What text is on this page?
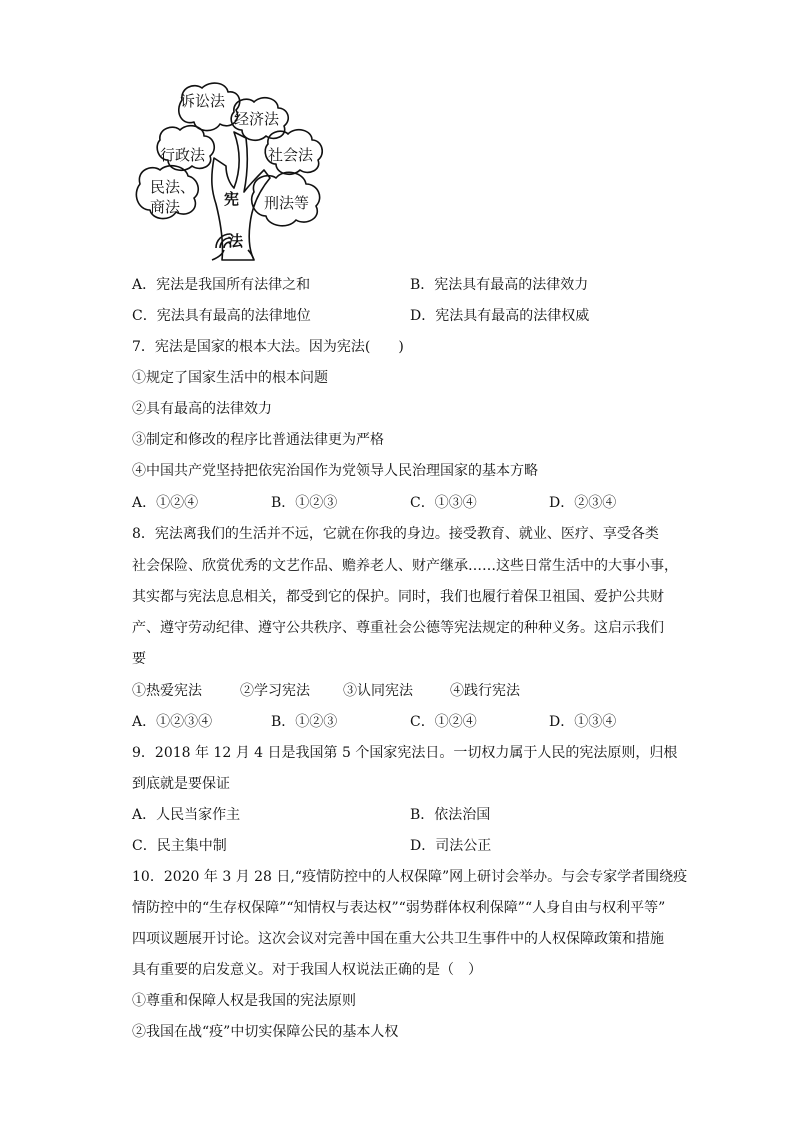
诉讼法
经济法
行政法	社会法
民法、
商法	刑法等
宪
法
A．宪法是我国所有法律之和	B．宪法具有最高的法律效力
C．宪法具有最高的法律地位	D．宪法具有最高的法律权威
7．宪法是国家的根本大法。因为宪法(　　)
①规定了国家生活中的根本问题
②具有最高的法律效力
③制定和修改的程序比普通法律更为严格
④中国共产党坚持把依宪治国作为党领导人民治理国家的基本方略
A．①②④	B．①②③	C．①③④	D．②③④
8．宪法离我们的生活并不远，它就在你我的身边。接受教育、就业、医疗、享受各类
社会保险、欣赏优秀的文艺作品、赡养老人、财产继承……这些日常生活中的大事小事，
其实都与宪法息息相关，都受到它的保护。同时，我们也履行着保卫祖国、爱护公共财
产、遵守劳动纪律、遵守公共秩序、尊重社会公德等宪法规定的种种义务。这启示我们
要
①热爱宪法	②学习宪法 ③认同宪法	④践行宪法
A．①②③④	B．①②③	C．①②④	D．①③④
9．2018 年 12 月 4 日是我国第 5 个国家宪法日。一切权力属于人民的宪法原则，归根
到底就是要保证
A．人民当家作主	B．依法治国
C．民主集中制	D．司法公正
10．2020 年 3 月 28 日,“疫情防控中的人权保障”网上研讨会举办。与会专家学者围绕疫
情防控中的“生存权保障”“知情权与表达权”“弱势群体权利保障”“人身自由与权利平等”
四项议题展开讨论。这次会议对完善中国在重大公共卫生事件中的人权保障政策和措施
具有重要的启发意义。对于我国人权说法正确的是（　）
①尊重和保障人权是我国的宪法原则
②我国在战“疫”中切实保障公民的基本人权
